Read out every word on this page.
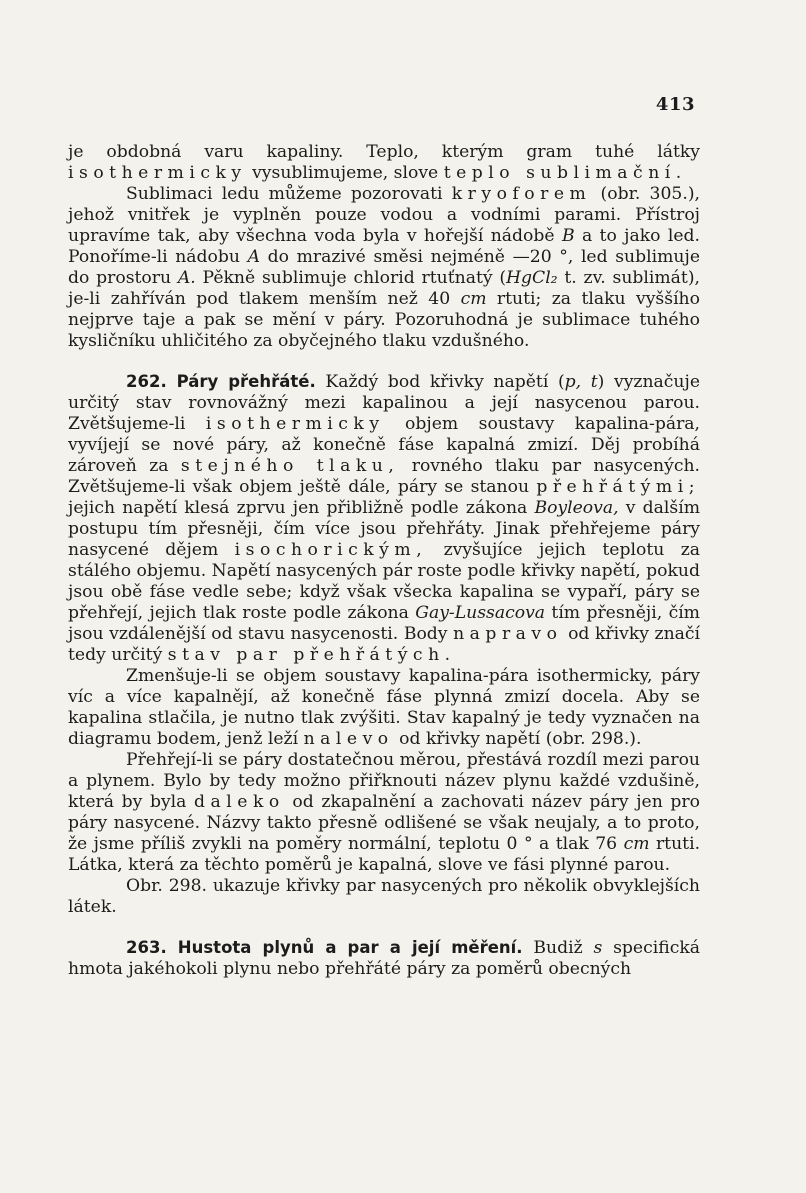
413

je obdobná varu kapaliny. Teplo, kterým gram tuhé látky isothermicky vysublimujeme, slove teplo sublimační.

Sublimaci ledu můžeme pozorovati kryoforem (obr. 305.), jehož vnitřek je vyplněn pouze vodou a vodními parami. Přístroj upravíme tak, aby všechna voda byla v hořejší nádobě B a to jako led. Ponoříme-li nádobu A do mrazivé směsi nejméně —20 °, led sublimuje do prostoru A. Pěkně sublimuje chlorid rtuťnatý (HgCl₂ t. zv. sublimát), je-li zahříván pod tlakem menším než 40 cm rtuti; za tlaku vyššího nejprve taje a pak se mění v páry. Pozoruhodná je sublimace tuhého kysličníku uhličitého za obyčejného tlaku vzdušného.

262. Páry přehřáté. Každý bod křivky napětí (p, t) vyznačuje určitý stav rovnovážný mezi kapalinou a její nasycenou parou. Zvětšujeme-li isothermicky objem soustavy kapalina-pára, vyvíjejí se nové páry, až konečně fáse kapalná zmizí. Děj probíhá zároveň za stejného tlaku, rovného tlaku par nasycených. Zvětšujeme-li však objem ještě dále, páry se stanou přehřátými; jejich napětí klesá zprvu jen přibližně podle zákona Boyleova, v dalším postupu tím přesněji, čím více jsou přehřáty. Jinak přehřejeme páry nasycené dějem isochorickým, zvyšujíce jejich teplotu za stálého objemu. Napětí nasycených pár roste podle křivky napětí, pokud jsou obě fáse vedle sebe; když však všecka kapalina se vypaří, páry se přehřejí, jejich tlak roste podle zákona Gay-Lussacova tím přesněji, čím jsou vzdálenější od stavu nasycenosti. Body napravo od křivky značí tedy určitý stav par přehřátých.

Zmenšuje-li se objem soustavy kapalina-pára isothermicky, páry víc a více kapalnějí, až konečně fáse plynná zmizí docela. Aby se kapalina stlačila, je nutno tlak zvýšiti. Stav kapalný je tedy vyznačen na diagramu bodem, jenž leží nalevo od křivky napětí (obr. 298.).

Přehřejí-li se páry dostatečnou měrou, přestává rozdíl mezi parou a plynem. Bylo by tedy možno přiřknouti název plynu každé vzdušině, která by byla daleko od zkapalnění a zachovati název páry jen pro páry nasycené. Názvy takto přesně odlišené se však neujaly, a to proto, že jsme příliš zvykli na poměry normální, teplotu 0 ° a tlak 76 cm rtuti. Látka, která za těchto poměrů je kapalná, slove ve fási plynné parou.

Obr. 298. ukazuje křivky par nasycených pro několik obvyklejších látek.

263. Hustota plynů a par a její měření. Budiž s specifická hmota jakéhokoli plynu nebo přehřáté páry za poměrů obecných
